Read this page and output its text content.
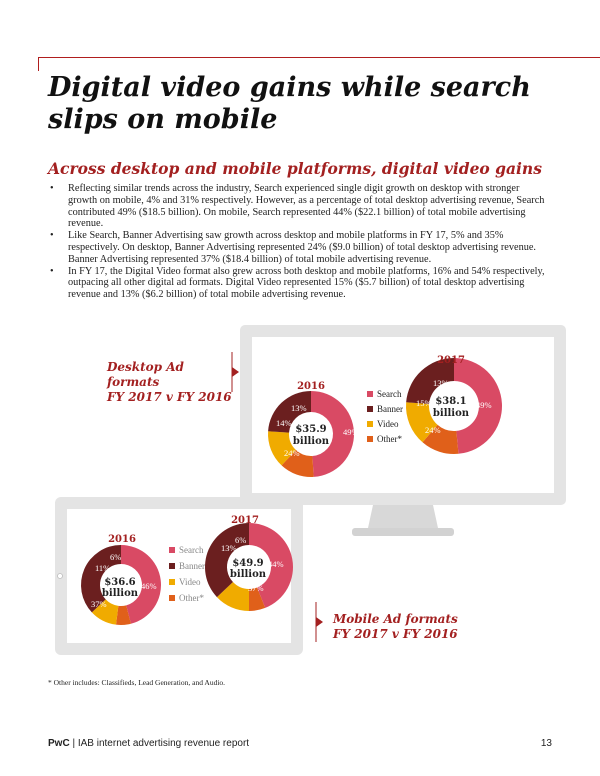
Digital video gains while search slips on mobile
Across desktop and mobile platforms, digital video gains
• Reflecting similar trends across the industry, Search experienced single digit growth on desktop with stronger growth on mobile, 4% and 31% respectively. However, as a percentage of total desktop advertising revenue, Search contributed 49% ($18.5 billion). On mobile, Search represented 44% ($22.1 billion) of total mobile advertising revenue.
• Like Search, Banner Advertising saw growth across desktop and mobile platforms in FY 17, 5% and 35% respectively. On desktop, Banner Advertising represented 24% ($9.0 billion) of total desktop advertising revenue. Banner Advertising represented 37% ($18.4 billion) of total mobile advertising revenue.
• In FY 17, the Digital Video format also grew across both desktop and mobile platforms, 16% and 54% respectively, outpacing all other digital ad formats. Digital Video represented 15% ($5.7 billion) of total desktop advertising revenue and 13% ($6.2 billion) of total mobile advertising revenue.
Desktop Ad formats
FY 2017 v FY 2016
2016
2017
$35.9
billion
$38.1
billion
49%
24%
14%
13%	49%
24%
15%
13%
Search
Banner
Video
Other*
2016
2017
$36.6
billion
$49.9
billion
46%
37%
11%
6%
44%
37%
13%
6%
Search
Banner
Video
Other*
Mobile Ad formats
FY 2017 v FY 2016
* Other includes: Classifieds, Lead Generation, and Audio.
PwC | IAB internet advertising revenue report	13
